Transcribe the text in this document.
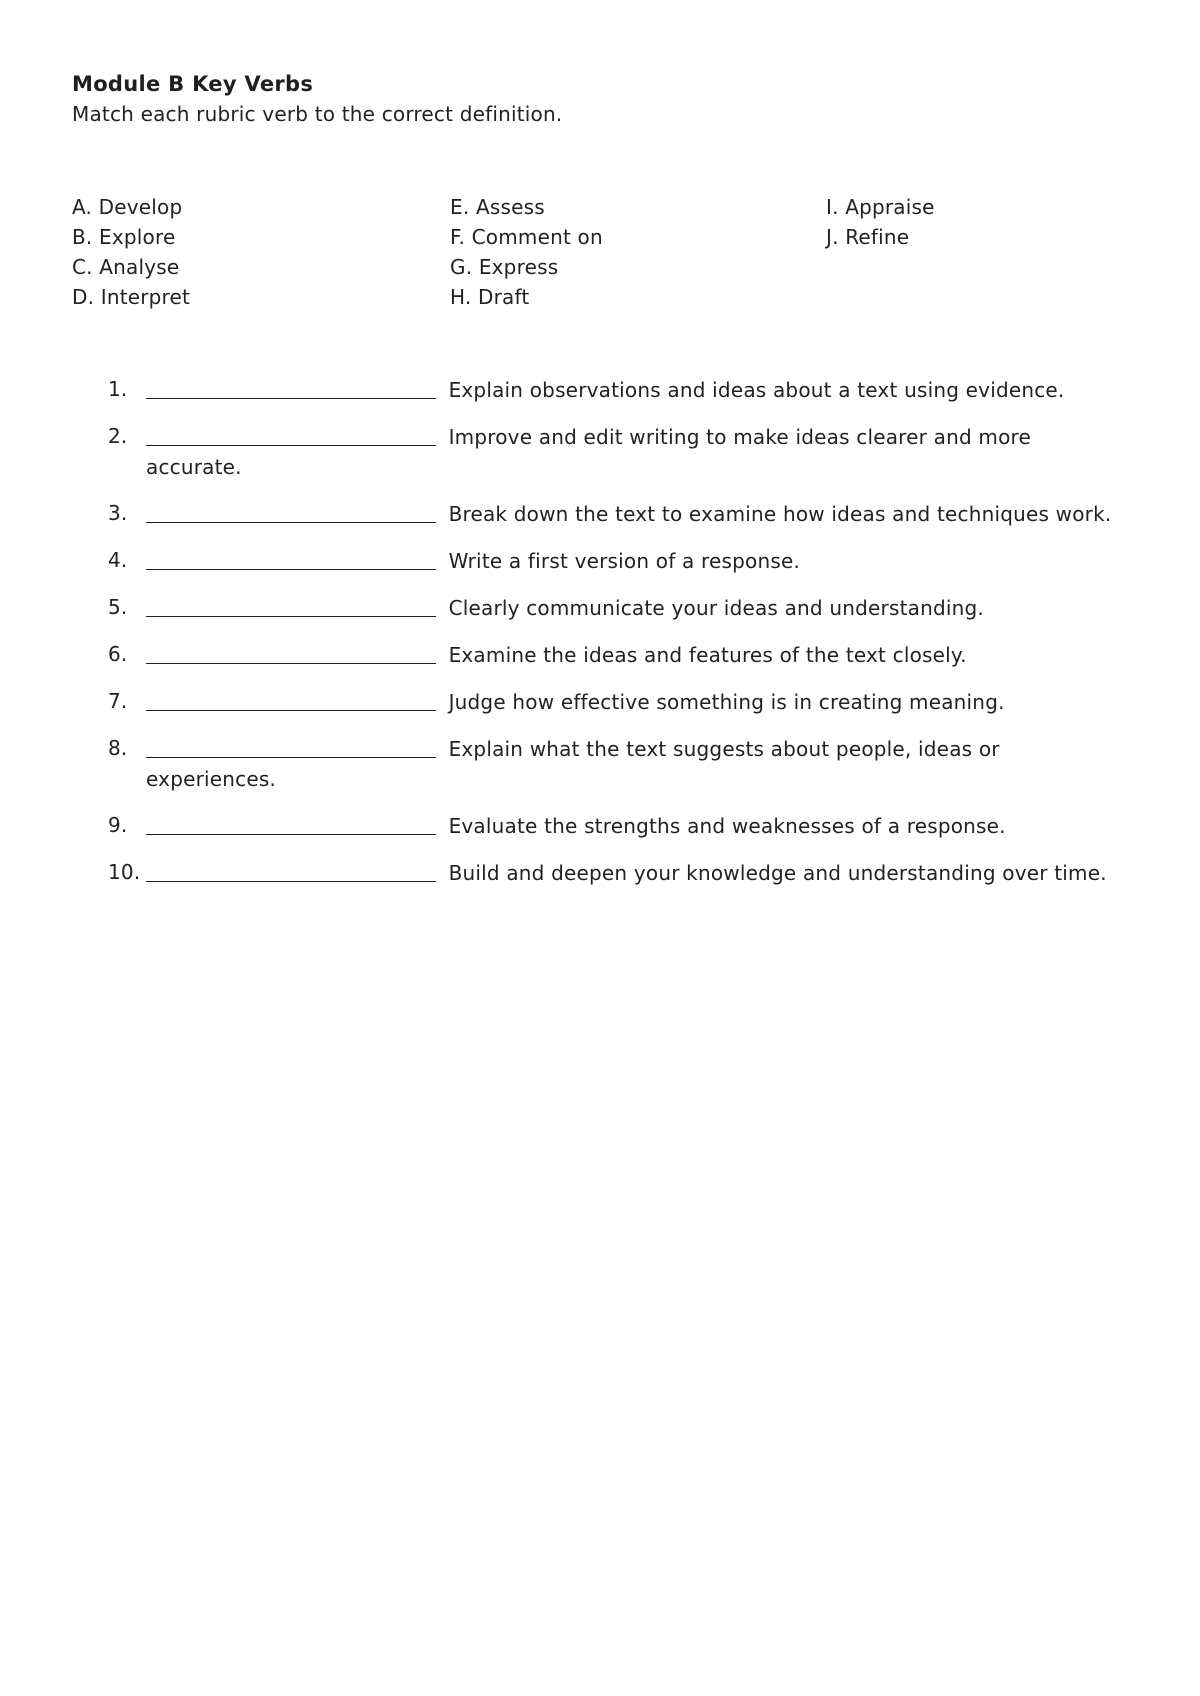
Module B Key Verbs
Match each rubric verb to the correct definition.
A. Develop
B. Explore
C. Analyse
D. Interpret
E. Assess
F. Comment on
G. Express
H. Draft
I. Appraise
J. Refine
1.	Explain observations and ideas about a text using evidence.
2.	Improve and edit writing to make ideas clearer and more accurate.
3.	Break down the text to examine how ideas and techniques work.
4.	Write a first version of a response.
5.	Clearly communicate your ideas and understanding.
6.	Examine the ideas and features of the text closely.
7.	Judge how effective something is in creating meaning.
8.	Explain what the text suggests about people, ideas or experiences.
9.	Evaluate the strengths and weaknesses of a response.
10.	Build and deepen your knowledge and understanding over time.
